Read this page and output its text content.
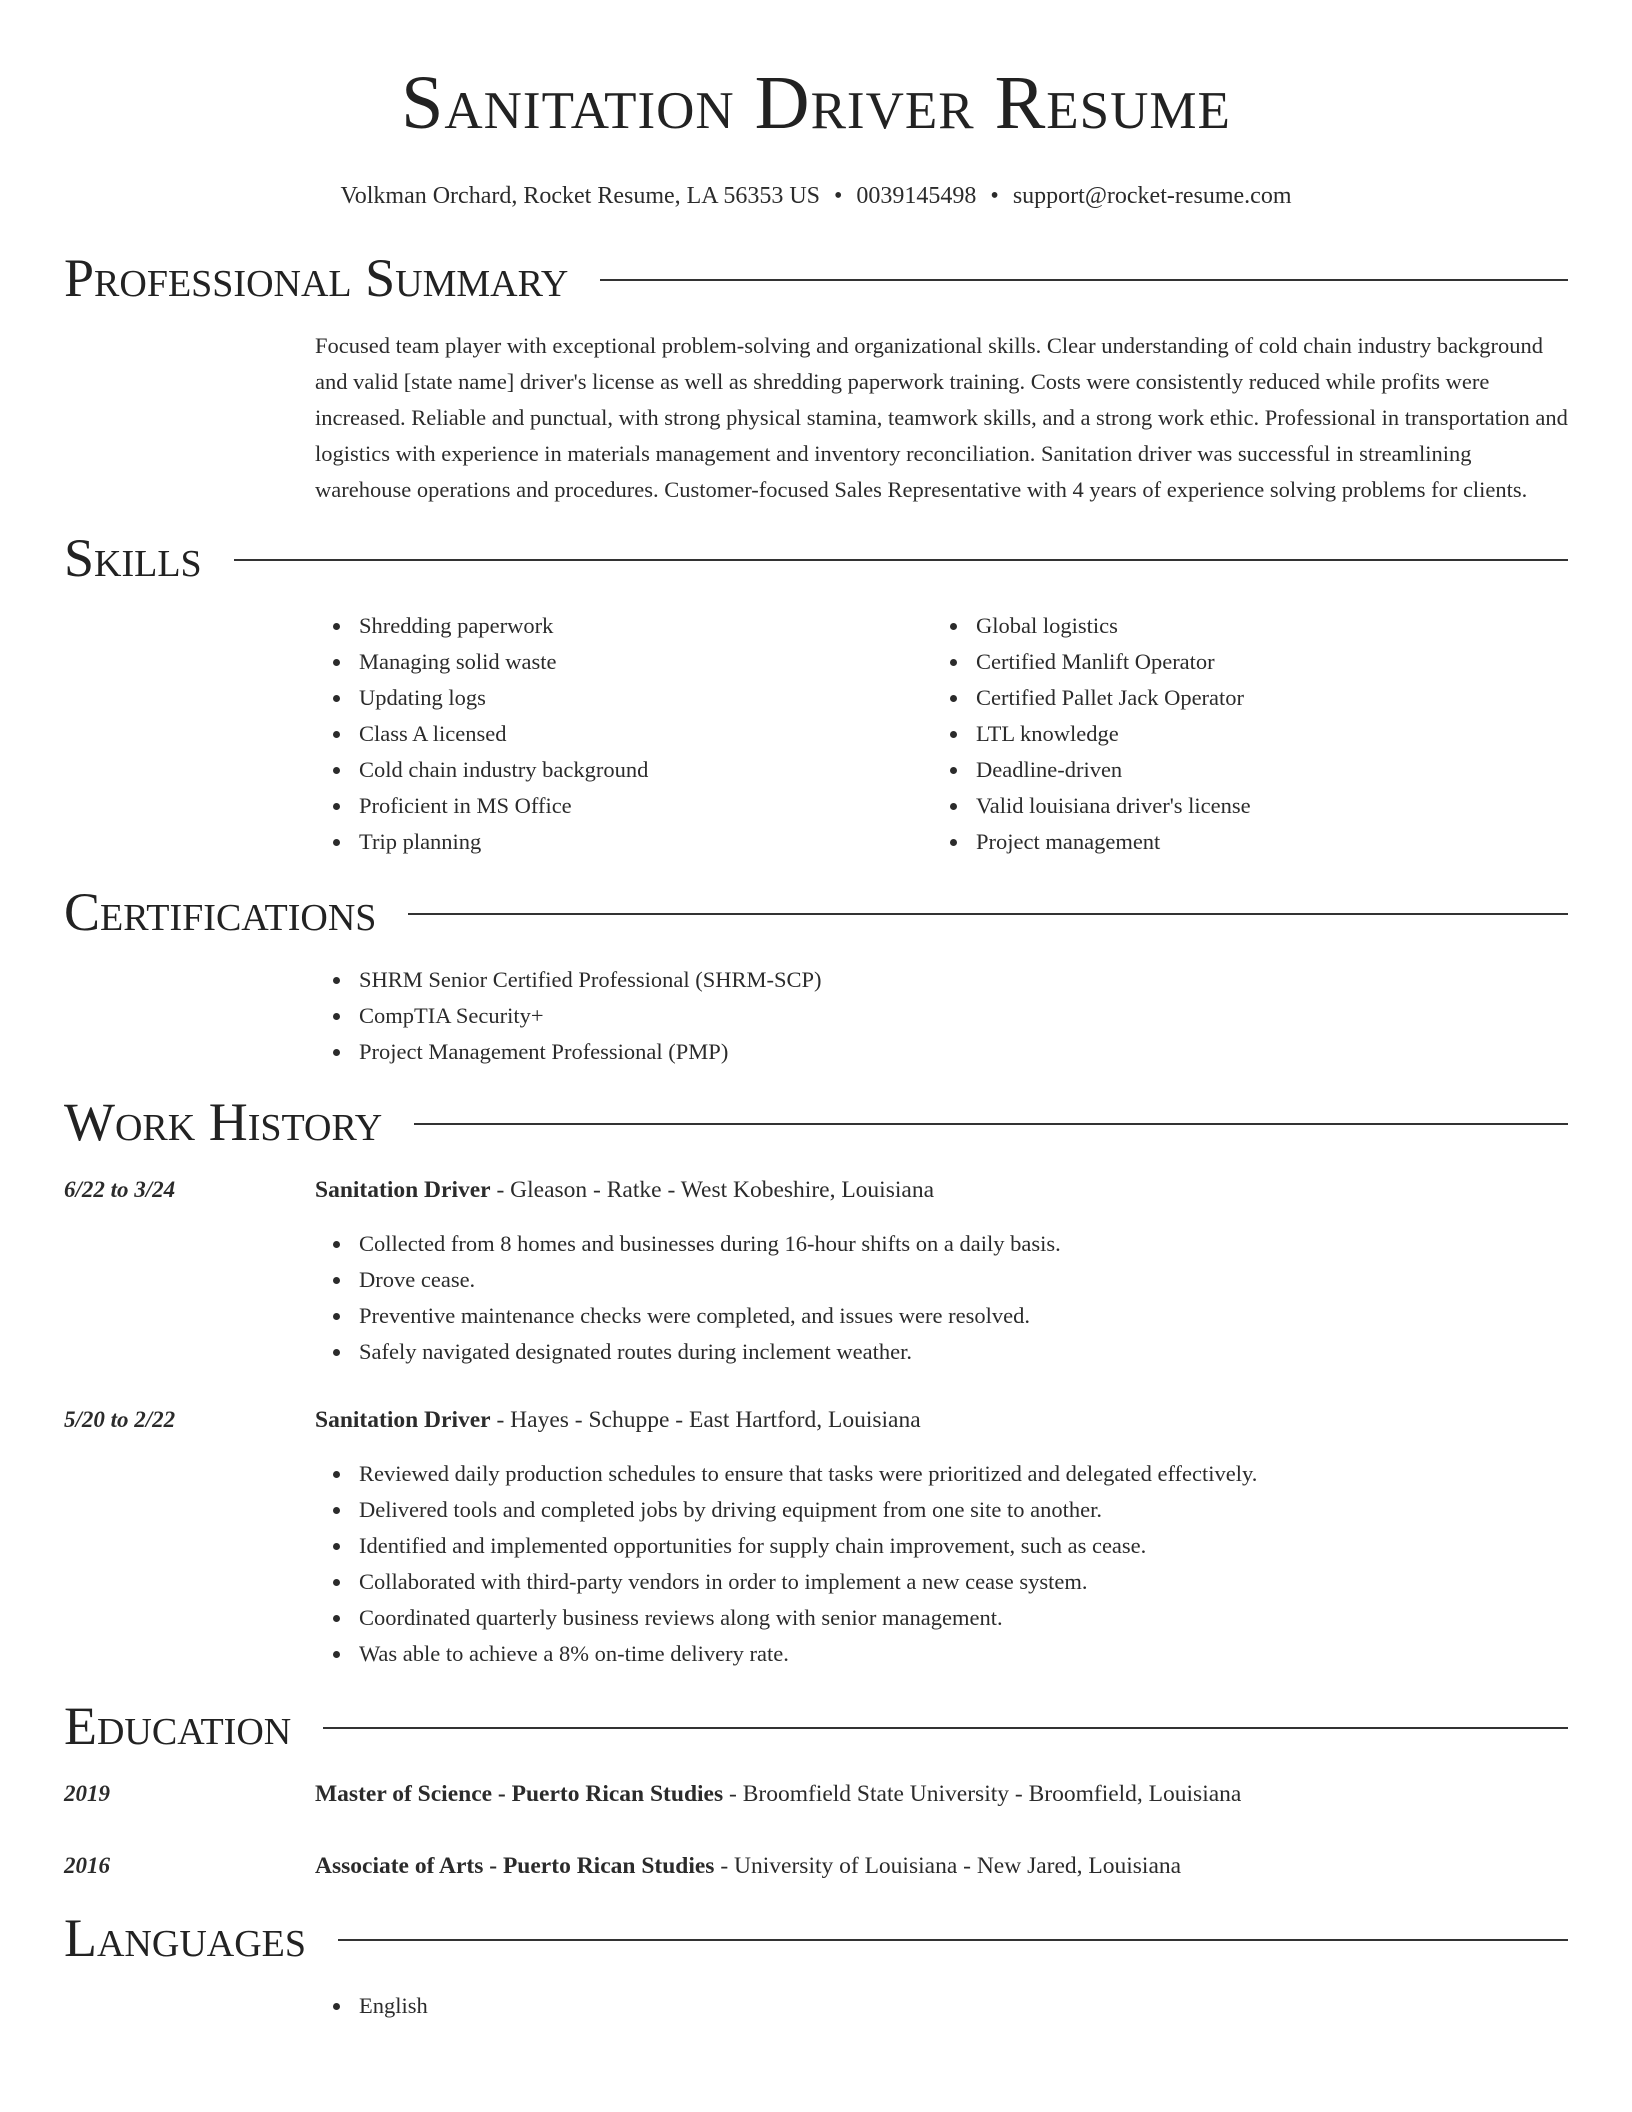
Sanitation Driver Resume
Volkman Orchard, Rocket Resume, LA 56353 US • 0039145498 • support@rocket-resume.com
Professional Summary

Focused team player with exceptional problem-solving and organizational skills. Clear understanding of cold chain industry background and valid [state name] driver's license as well as shredding paperwork training. Costs were consistently reduced while profits were increased. Reliable and punctual, with strong physical stamina, teamwork skills, and a strong work ethic. Professional in transportation and logistics with experience in materials management and inventory reconciliation. Sanitation driver was successful in streamlining warehouse operations and procedures. Customer-focused Sales Representative with 4 years of experience solving problems for clients.

Skills
Shredding paperwork
Managing solid waste
Updating logs
Class A licensed
Cold chain industry background
Proficient in MS Office
Trip planning
Global logistics
Certified Manlift Operator
Certified Pallet Jack Operator
LTL knowledge
Deadline-driven
Valid louisiana driver's license
Project management
Certifications
SHRM Senior Certified Professional (SHRM-SCP)
CompTIA Security+
Project Management Professional (PMP)
Work History
6/22 to 3/24	Sanitation Driver - Gleason - Ratke - West Kobeshire, Louisiana
Collected from 8 homes and businesses during 16-hour shifts on a daily basis.
Drove cease.
Preventive maintenance checks were completed, and issues were resolved.
Safely navigated designated routes during inclement weather.
5/20 to 2/22	Sanitation Driver - Hayes - Schuppe - East Hartford, Louisiana
Reviewed daily production schedules to ensure that tasks were prioritized and delegated effectively.
Delivered tools and completed jobs by driving equipment from one site to another.
Identified and implemented opportunities for supply chain improvement, such as cease.
Collaborated with third-party vendors in order to implement a new cease system.
Coordinated quarterly business reviews along with senior management.
Was able to achieve a 8% on-time delivery rate.
Education
2019	Master of Science - Puerto Rican Studies - Broomfield State University - Broomfield, Louisiana
2016	Associate of Arts - Puerto Rican Studies - University of Louisiana - New Jared, Louisiana
Languages
English
